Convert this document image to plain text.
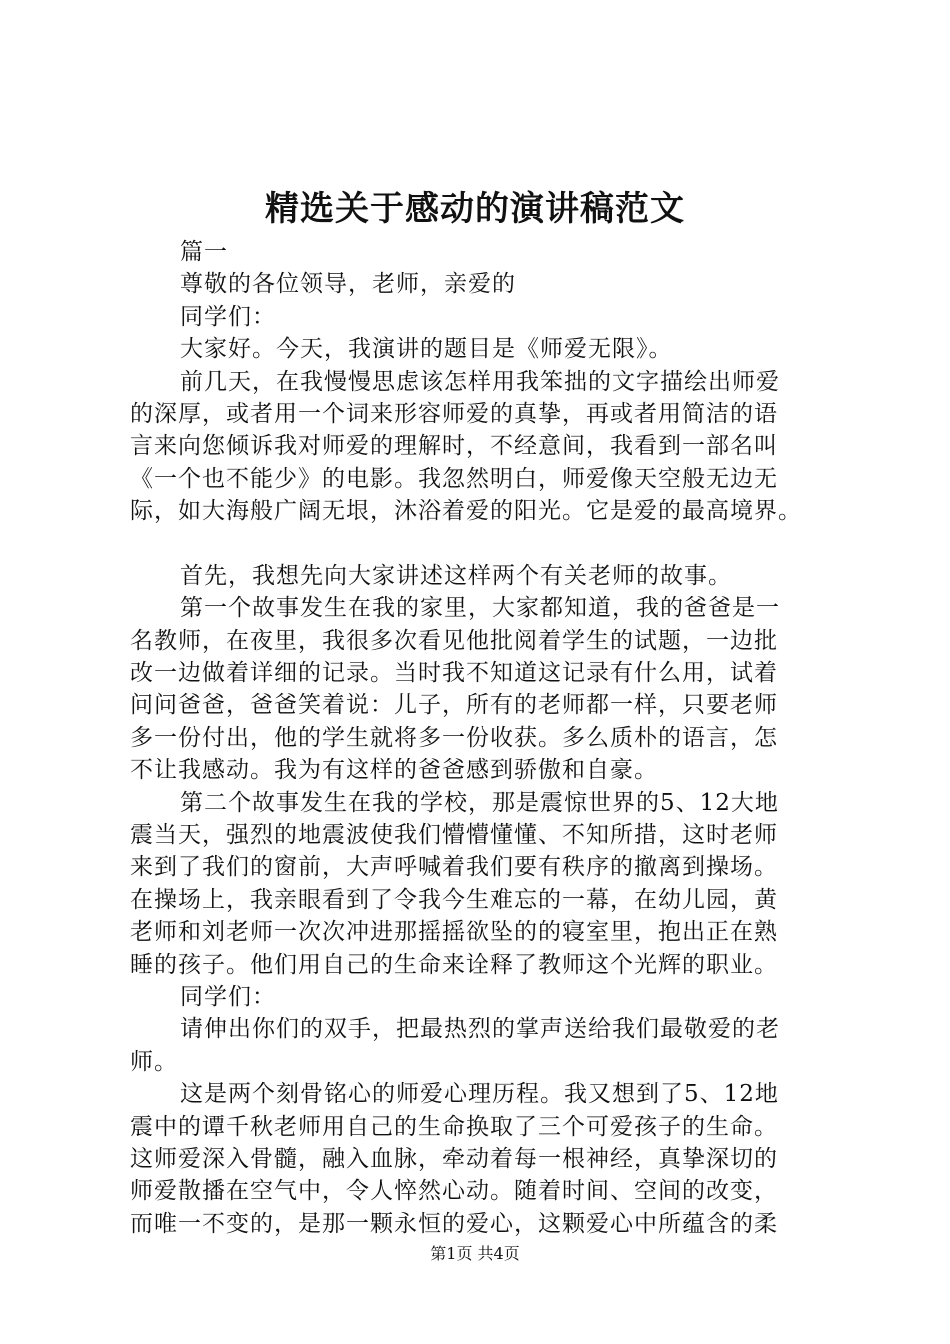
精选关于感动的演讲稿范文
篇一
尊敬的各位领导，老师，亲爱的
同学们：
大家好。今天，我演讲的题目是《师爱无限》。
前几天，在我慢慢思虑该怎样用我笨拙的文字描绘出师爱
的深厚，或者用一个词来形容师爱的真挚，再或者用简洁的语
言来向您倾诉我对师爱的理解时，不经意间，我看到一部名叫
《一个也不能少》的电影。我忽然明白，师爱像天空般无边无
际，如大海般广阔无垠，沐浴着爱的阳光。它是爱的最高境界。
首先，我想先向大家讲述这样两个有关老师的故事。
第一个故事发生在我的家里，大家都知道，我的爸爸是一
名教师，在夜里，我很多次看见他批阅着学生的试题，一边批
改一边做着详细的记录。当时我不知道这记录有什么用，试着
问问爸爸，爸爸笑着说：儿子，所有的老师都一样，只要老师
多一份付出，他的学生就将多一份收获。多么质朴的语言，怎
不让我感动。我为有这样的爸爸感到骄傲和自豪。
第二个故事发生在我的学校，那是震惊世界的5、12大地
震当天，强烈的地震波使我们懵懵懂懂、不知所措，这时老师
来到了我们的窗前，大声呼喊着我们要有秩序的撤离到操场。
在操场上，我亲眼看到了令我今生难忘的一幕，在幼儿园，黄
老师和刘老师一次次冲进那摇摇欲坠的的寝室里，抱出正在熟
睡的孩子。他们用自己的生命来诠释了教师这个光辉的职业。
同学们：
请伸出你们的双手，把最热烈的掌声送给我们最敬爱的老
师。
这是两个刻骨铭心的师爱心理历程。我又想到了5、12地
震中的谭千秋老师用自己的生命换取了三个可爱孩子的生命。
这师爱深入骨髓，融入血脉，牵动着每一根神经，真挚深切的
师爱散播在空气中，令人悴然心动。随着时间、空间的改变，
而唯一不变的，是那一颗永恒的爱心，这颗爱心中所蕴含的柔
第1页 共4页
